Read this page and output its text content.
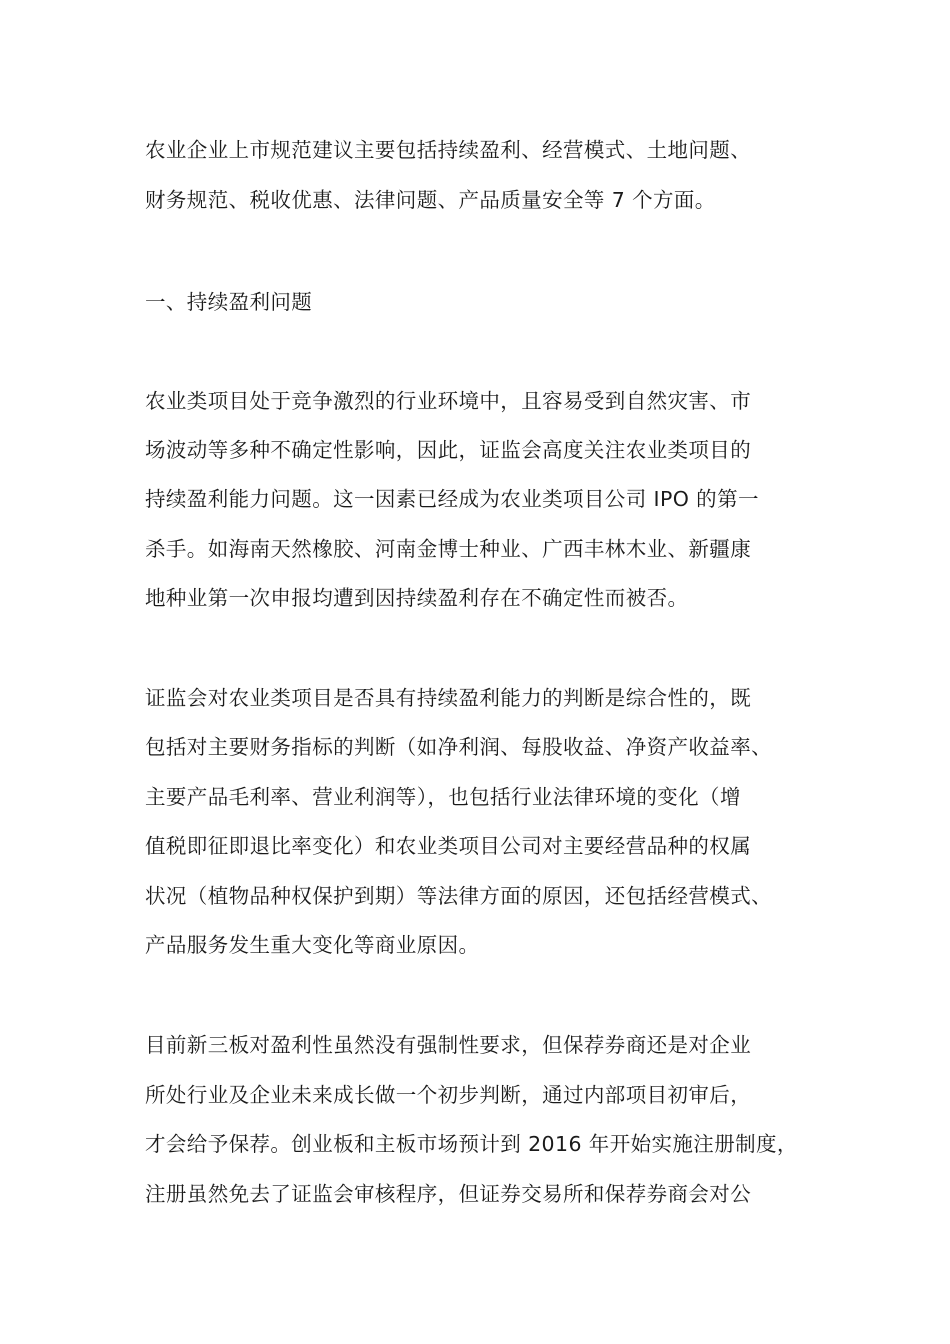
农业企业上市规范建议主要包括持续盈利、经营模式、土地问题、
财务规范、税收优惠、法律问题、产品质量安全等 7 个方面。
一、持续盈利问题
农业类项目处于竞争激烈的行业环境中，且容易受到自然灾害、市
场波动等多种不确定性影响，因此，证监会高度关注农业类项目的
持续盈利能力问题。这一因素已经成为农业类项目公司 IPO 的第一
杀手。如海南天然橡胶、河南金博士种业、广西丰林木业、新疆康
地种业第一次申报均遭到因持续盈利存在不确定性而被否。
证监会对农业类项目是否具有持续盈利能力的判断是综合性的，既
包括对主要财务指标的判断（如净利润、每股收益、净资产收益率、
主要产品毛利率、营业利润等），也包括行业法律环境的变化（增
值税即征即退比率变化）和农业类项目公司对主要经营品种的权属
状况（植物品种权保护到期）等法律方面的原因，还包括经营模式、
产品服务发生重大变化等商业原因。
目前新三板对盈利性虽然没有强制性要求，但保荐券商还是对企业
所处行业及企业未来成长做一个初步判断，通过内部项目初审后，
才会给予保荐。创业板和主板市场预计到 2016 年开始实施注册制度，
注册虽然免去了证监会审核程序，但证券交易所和保荐券商会对公
